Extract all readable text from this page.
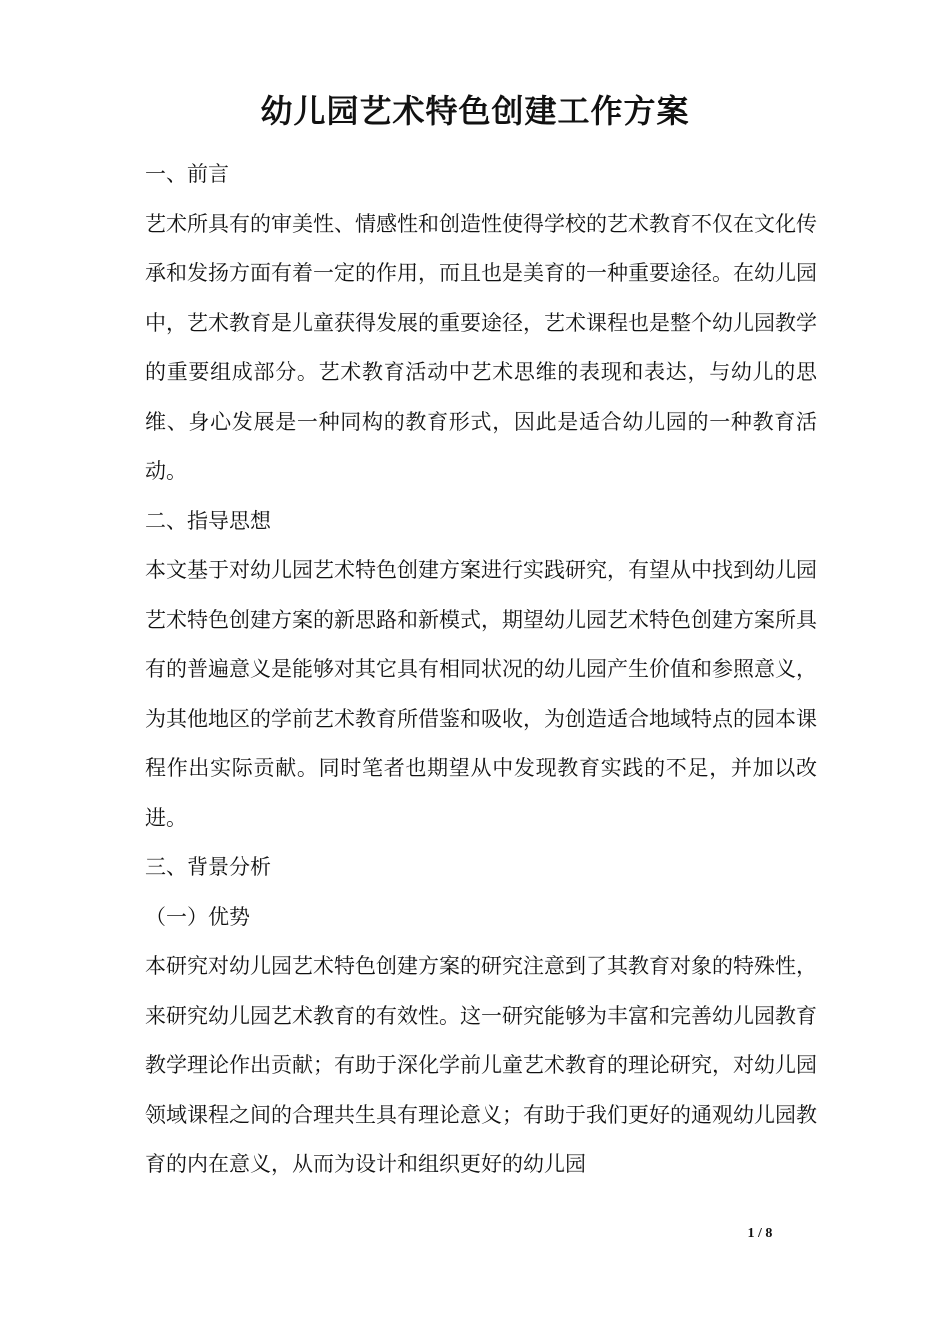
幼儿园艺术特色创建工作方案

一、前言

艺术所具有的审美性、情感性和创造性使得学校的艺术教育不仅在文化传承和发扬方面有着一定的作用，而且也是美育的一种重要途径。在幼儿园中，艺术教育是儿童获得发展的重要途径，艺术课程也是整个幼儿园教学的重要组成部分。艺术教育活动中艺术思维的表现和表达，与幼儿的思维、身心发展是一种同构的教育形式，因此是适合幼儿园的一种教育活动。

二、指导思想

本文基于对幼儿园艺术特色创建方案进行实践研究，有望从中找到幼儿园艺术特色创建方案的新思路和新模式，期望幼儿园艺术特色创建方案所具有的普遍意义是能够对其它具有相同状况的幼儿园产生价值和参照意义，为其他地区的学前艺术教育所借鉴和吸收，为创造适合地域特点的园本课程作出实际贡献。同时笔者也期望从中发现教育实践的不足，并加以改进。

三、背景分析

（一）优势

本研究对幼儿园艺术特色创建方案的研究注意到了其教育对象的特殊性，来研究幼儿园艺术教育的有效性。这一研究能够为丰富和完善幼儿园教育教学理论作出贡献；有助于深化学前儿童艺术教育的理论研究，对幼儿园领域课程之间的合理共生具有理论意义；有助于我们更好的通观幼儿园教育的内在意义，从而为设计和组织更好的幼儿园

1 / 8
